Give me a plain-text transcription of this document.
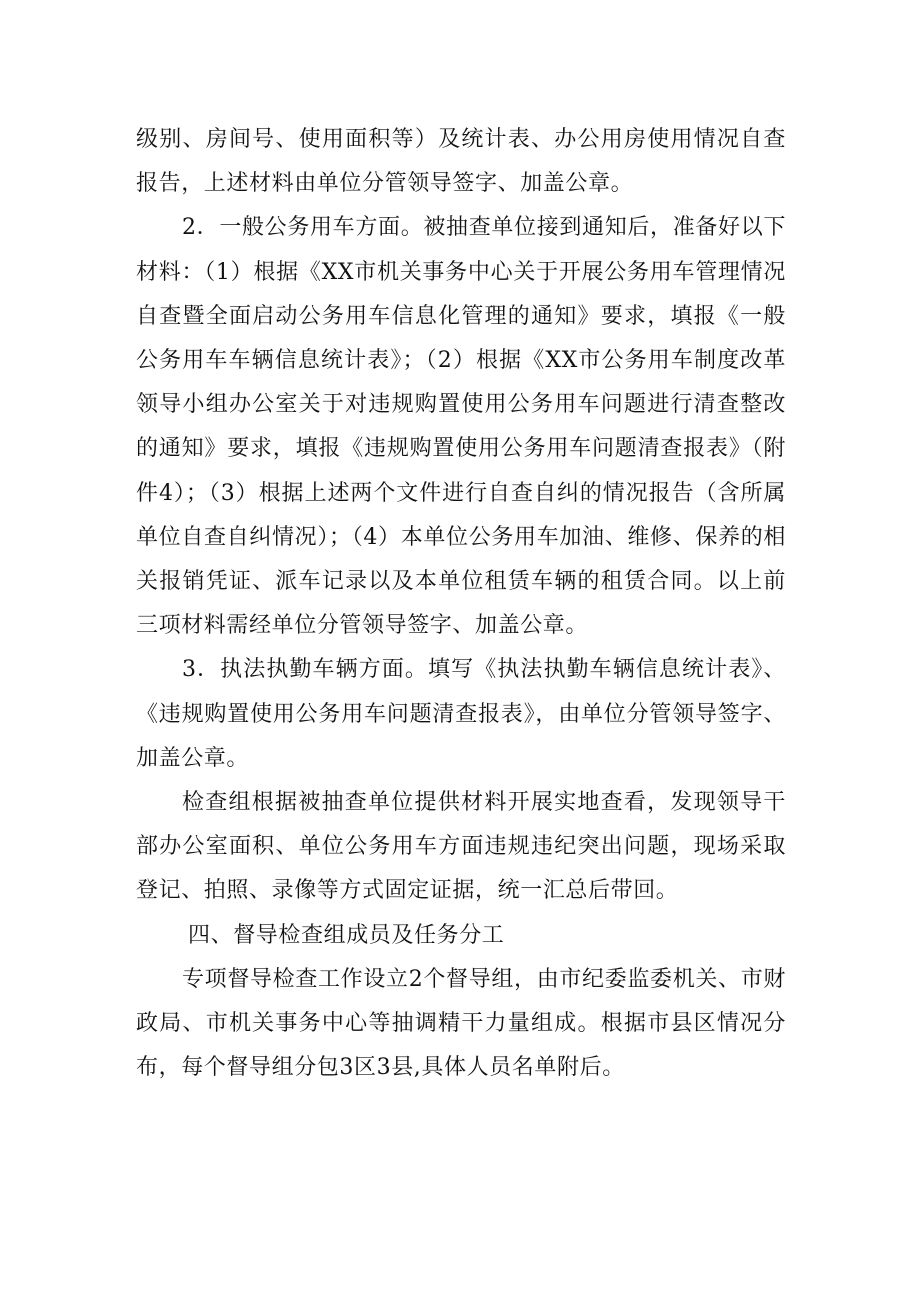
级别、房间号、使用面积等）及统计表、办公用房使用情况自查报告，上述材料由单位分管领导签字、加盖公章。

2．一般公务用车方面。被抽查单位接到通知后，准备好以下材料：（1）根据《XX市机关事务中心关于开展公务用车管理情况自查暨全面启动公务用车信息化管理的通知》要求，填报《一般公务用车车辆信息统计表》；（2）根据《XX市公务用车制度改革领导小组办公室关于对违规购置使用公务用车问题进行清查整改的通知》要求，填报《违规购置使用公务用车问题清查报表》（附件4）；（3）根据上述两个文件进行自查自纠的情况报告（含所属单位自查自纠情况）；（4）本单位公务用车加油、维修、保养的相关报销凭证、派车记录以及本单位租赁车辆的租赁合同。以上前三项材料需经单位分管领导签字、加盖公章。

3．执法执勤车辆方面。填写《执法执勤车辆信息统计表》、《违规购置使用公务用车问题清查报表》，由单位分管领导签字、加盖公章。

检查组根据被抽查单位提供材料开展实地查看，发现领导干部办公室面积、单位公务用车方面违规违纪突出问题，现场采取登记、拍照、录像等方式固定证据，统一汇总后带回。

四、督导检查组成员及任务分工

专项督导检查工作设立2个督导组，由市纪委监委机关、市财政局、市机关事务中心等抽调精干力量组成。根据市县区情况分布，每个督导组分包3区3县,具体人员名单附后。
